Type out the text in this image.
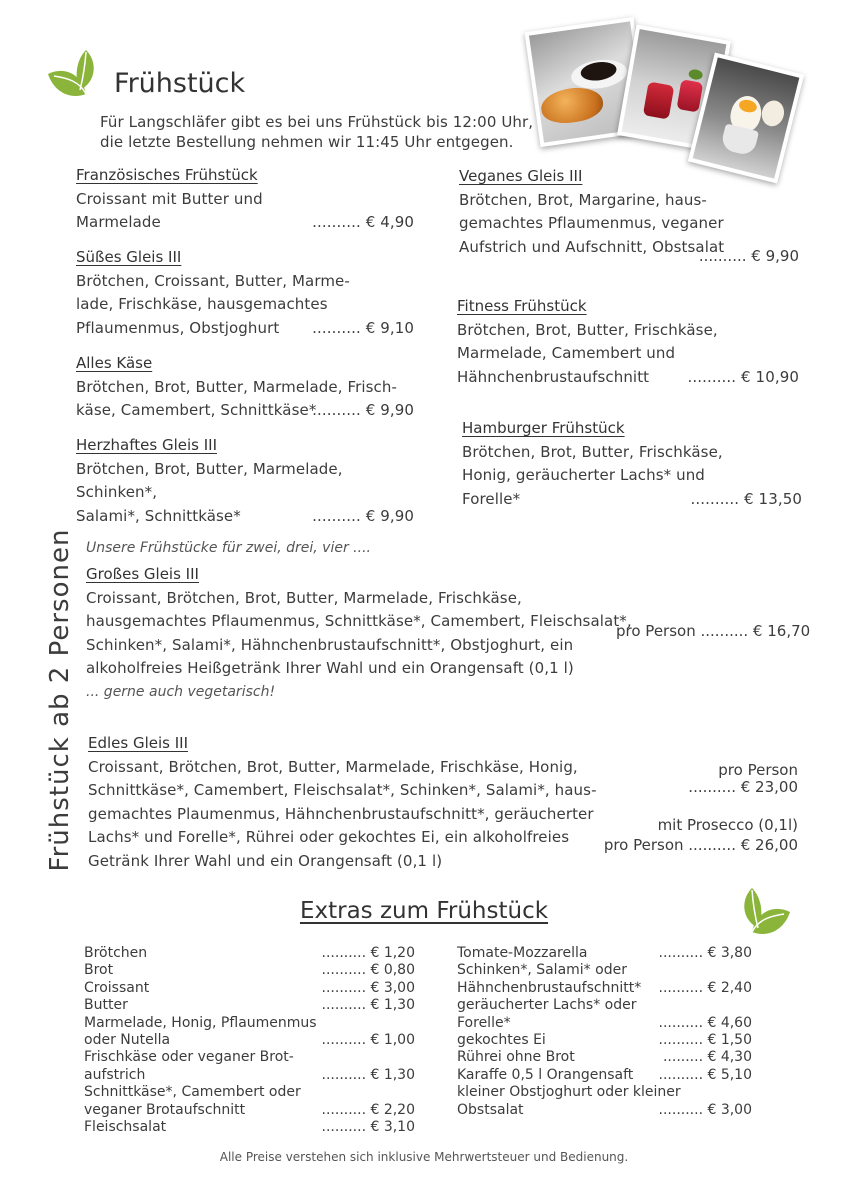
Frühstück
Für Langschläfer gibt es bei uns Frühstück bis 12:00 Uhr,
die letzte Bestellung nehmen wir 11:45 Uhr entgegen.
Französisches Frühstück
Croissant mit Butter und
Marmelade	.......... € 4,90
Süßes Gleis III
Brötchen, Croissant, Butter, Marme-
lade, Frischkäse, hausgemachtes
Pflaumenmus, Obstjoghurt .......... € 9,10
Alles Käse
Brötchen, Brot, Butter, Marmelade, Frisch-
käse, Camembert, Schnittkäse*
.......... € 9,90
Herzhaftes Gleis III
Brötchen, Brot, Butter, Marmelade, Schinken*,
Salami*, Schnittkäse*	.......... € 9,90
Veganes Gleis III
Brötchen, Brot, Margarine, haus-
gemachtes Pflaumenmus, veganer
Aufstrich und Aufschnitt, Obstsalat
.......... € 9,90
Fitness Frühstück
Brötchen, Brot, Butter, Frischkäse,
Marmelade, Camembert und
Hähnchenbrustaufschnitt	.......... € 10,90
Hamburger Frühstück
Brötchen, Brot, Butter, Frischkäse,
Honig, geräucherter Lachs* und
Forelle*	.......... € 13,50
Frühstück ab 2 Personen Unsere Frühstücke für zwei, drei, vier ....
Großes Gleis III
Croissant, Brötchen, Brot, Butter, Marmelade, Frischkäse,
hausgemachtes Pflaumenmus, Schnittkäse*, Camembert, Fleischsalat*,
Schinken*, Salami*, Hähnchenbrustaufschnitt*, Obstjoghurt, ein
alkoholfreies Heißgetränk Ihrer Wahl und ein Orangensaft (0,1 l)
... gerne auch vegetarisch!
pro Person .......... € 16,70
Edles Gleis III
Croissant, Brötchen, Brot, Butter, Marmelade, Frischkäse, Honig,
Schnittkäse*, Camembert, Fleischsalat*, Schinken*, Salami*, haus-
gemachtes Plaumenmus, Hähnchenbrustaufschnitt*, geräucherter
Lachs* und Forelle*, Rührei oder gekochtes Ei, ein alkoholfreies
Getränk Ihrer Wahl und ein Orangensaft (0,1 l)
pro Person
.......... € 23,00
mit Prosecco (0,1l)
pro Person .......... € 26,00
Extras zum Frühstück
Brötchen	.......... € 1,20
Brot	.......... € 0,80
Croissant	.......... € 3,00
Butter	.......... € 1,30
Marmelade, Honig, Pflaumenmus
oder Nutella	.......... € 1,00
Frischkäse oder veganer Brot-
aufstrich	.......... € 1,30
Schnittkäse*, Camembert oder
veganer Brotaufschnitt	.......... € 2,20
Fleischsalat	.......... € 3,10
Tomate-Mozzarella	.......... € 3,80
Schinken*, Salami* oder
Hähnchenbrustaufschnitt*	.......... € 2,40
geräucherter Lachs* oder
Forelle*	.......... € 4,60
gekochtes Ei	.......... € 1,50
Rührei ohne Brot	......... € 4,30
Karaffe 0,5 l Orangensaft	.......... € 5,10
kleiner Obstjoghurt oder kleiner
Obstsalat	.......... € 3,00
Alle Preise verstehen sich inklusive Mehrwertsteuer und Bedienung.
